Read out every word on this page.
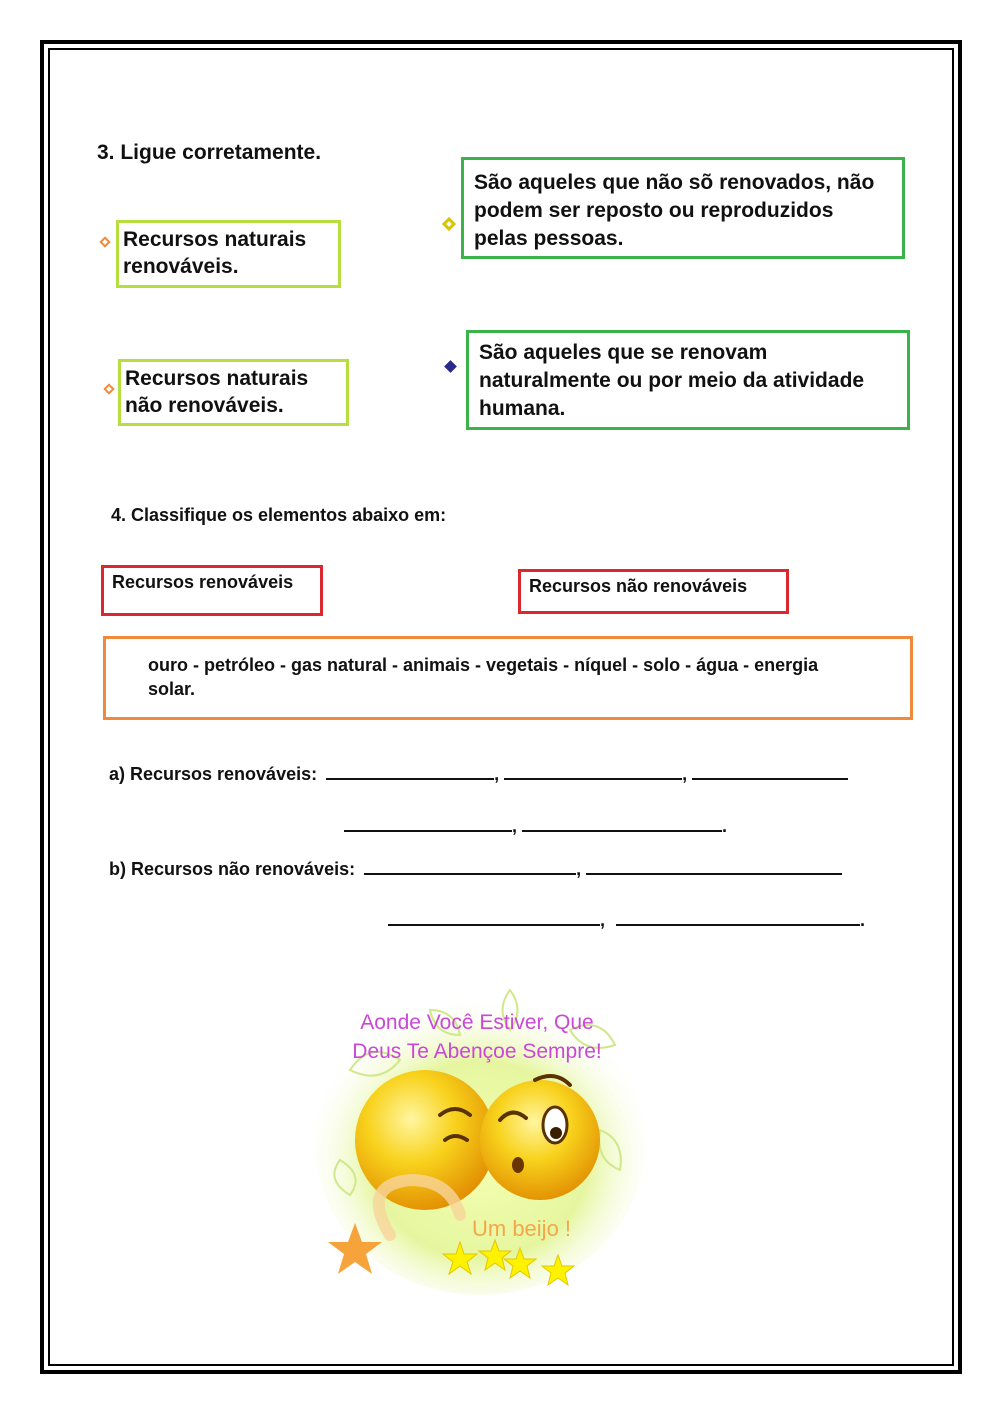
3. Ligue corretamente.
Recursos naturais renováveis.
Recursos naturais não renováveis.
São aqueles que não sõ renovados, não podem ser reposto ou reproduzidos pelas pessoas.
São aqueles que se renovam naturalmente ou por meio da atividade humana.
4. Classifique os elementos abaixo em:
Recursos renováveis	Recursos não renováveis
ouro - petróleo - gas natural - animais - vegetais - níquel - solo - água - energia solar.
a) Recursos renováveis:	,	,
,	.
b) Recursos não renováveis:	,
,	.
Aonde Você Estiver, Que
Deus Te Abençoe Sempre!
Um beijo !
